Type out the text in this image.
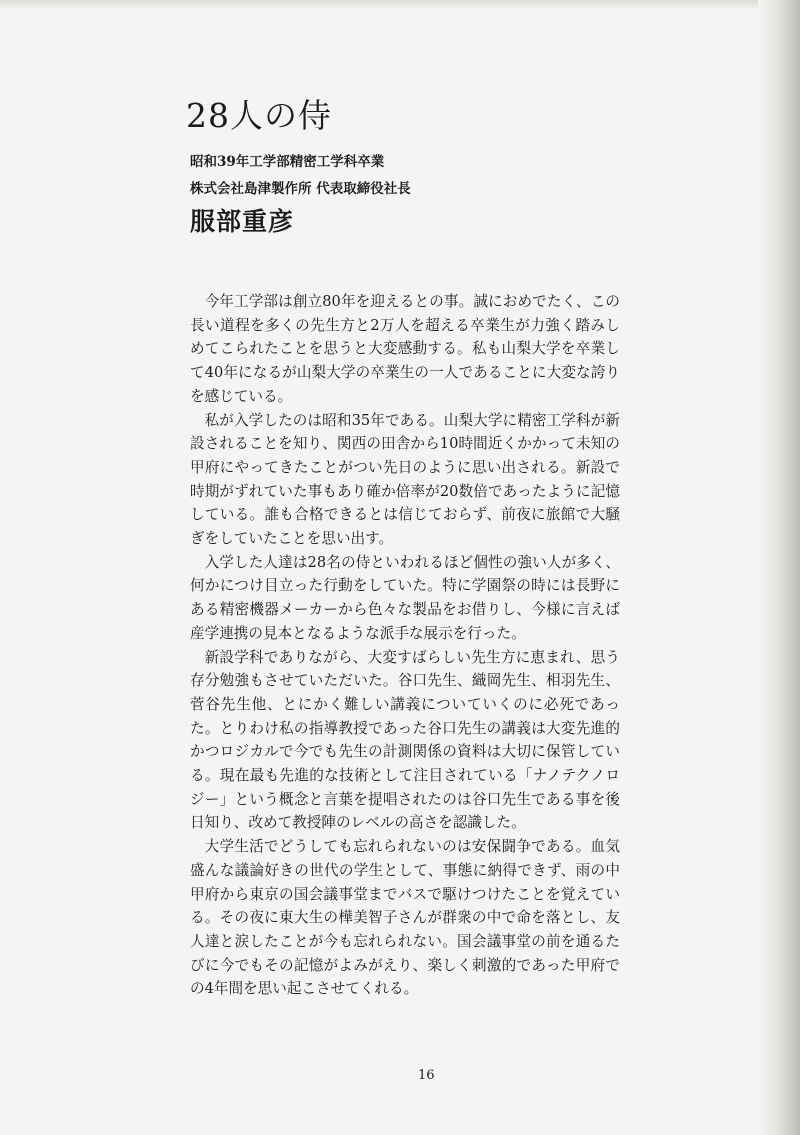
28人の侍

昭和39年工学部精密工学科卒業

株式会社島津製作所 代表取締役社長

服部重彦

今年工学部は創立80年を迎えるとの事。誠におめでたく、この長い道程を多くの先生方と2万人を超える卒業生が力強く踏みしめてこられたことを思うと大変感動する。私も山梨大学を卒業して40年になるが山梨大学の卒業生の一人であることに大変な誇りを感じている。

私が入学したのは昭和35年である。山梨大学に精密工学科が新設されることを知り、関西の田舎から10時間近くかかって未知の甲府にやってきたことがつい先日のように思い出される。新設で時期がずれていた事もあり確か倍率が20数倍であったように記憶している。誰も合格できるとは信じておらず、前夜に旅館で大騒ぎをしていたことを思い出す。

入学した人達は28名の侍といわれるほど個性の強い人が多く、何かにつけ目立った行動をしていた。特に学園祭の時には長野にある精密機器メーカーから色々な製品をお借りし、今様に言えば産学連携の見本となるような派手な展示を行った。

新設学科でありながら、大変すばらしい先生方に恵まれ、思う存分勉強もさせていただいた。谷口先生、織岡先生、相羽先生、菅谷先生他、とにかく難しい講義についていくのに必死であった。とりわけ私の指導教授であった谷口先生の講義は大変先進的かつロジカルで今でも先生の計測関係の資料は大切に保管している。現在最も先進的な技術として注目されている「ナノテクノロジー」という概念と言葉を提唱されたのは谷口先生である事を後日知り、改めて教授陣のレベルの高さを認識した。

大学生活でどうしても忘れられないのは安保闘争である。血気盛んな議論好きの世代の学生として、事態に納得できず、雨の中甲府から東京の国会議事堂までバスで駆けつけたことを覚えている。その夜に東大生の樺美智子さんが群衆の中で命を落とし、友人達と涙したことが今も忘れられない。国会議事堂の前を通るたびに今でもその記憶がよみがえり、楽しく刺激的であった甲府での4年間を思い起こさせてくれる。

16
